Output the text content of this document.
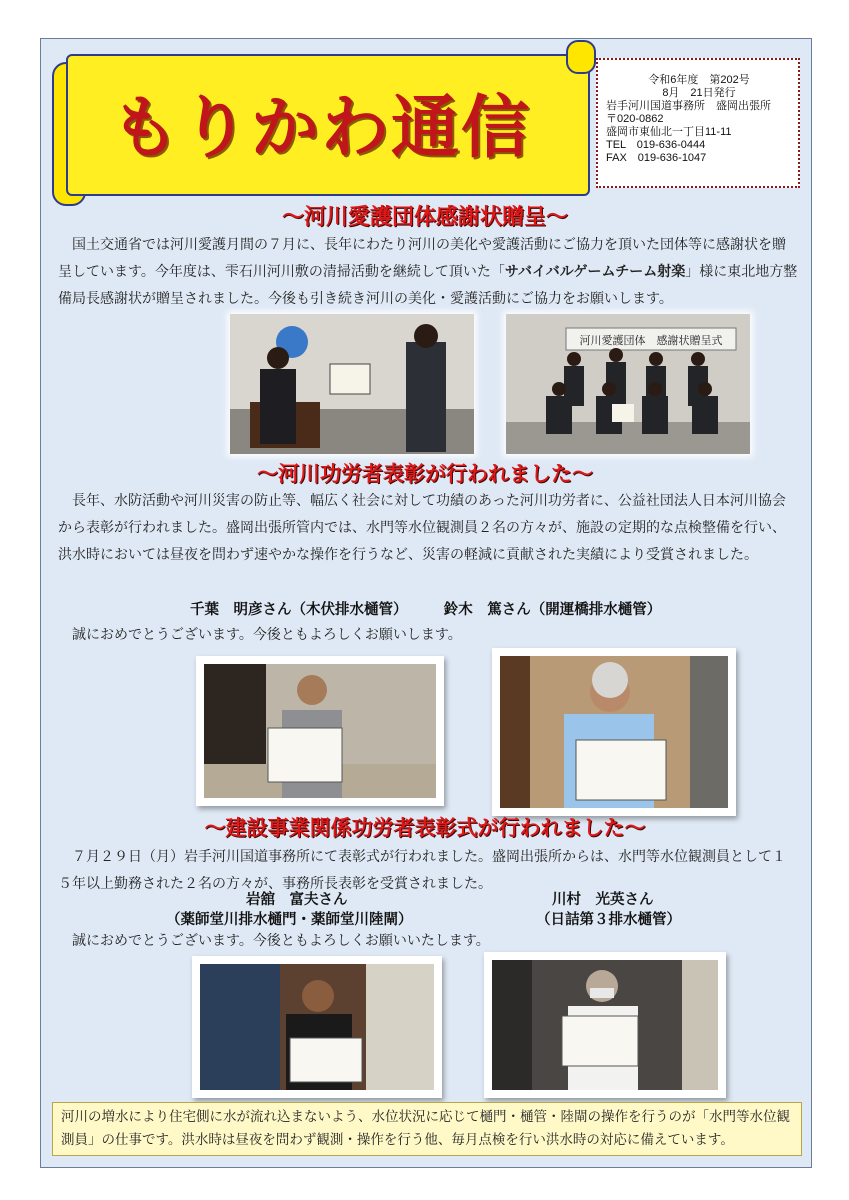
もりかわ通信
令和6年度　第202号
8月　21日発行
岩手河川国道事務所　盛岡出張所
〒020-0862
盛岡市東仙北一丁目11-11
TEL　019-636-0444
FAX　019-636-1047
～河川愛護団体感謝状贈呈～
　国土交通省では河川愛護月間の７月に、長年にわたり河川の美化や愛護活動にご協力を頂いた団体等に感謝状を贈呈しています。今年度は、雫石川河川敷の清掃活動を継続して頂いた「サバイバルゲームチーム射楽」様に東北地方整備局長感謝状が贈呈されました。今後も引き続き河川の美化・愛護活動にご協力をお願いします。
河川愛護団体　感謝状贈呈式
～河川功労者表彰が行われました～
　長年、水防活動や河川災害の防止等、幅広く社会に対して功績のあった河川功労者に、公益社団法人日本河川協会から表彰が行われました。盛岡出張所管内では、水門等水位観測員２名の方々が、施設の定期的な点検整備を行い、洪水時においては昼夜を問わず速やかな操作を行うなど、災害の軽減に貢献された実績により受賞されました。
千葉　明彦さん（木伏排水樋管）　　　鈴木　篤さん（開運橋排水樋管）
　誠におめでとうございます。今後ともよろしくお願いします。
～建設事業関係功労者表彰式が行われました～
　７月２９日（月）岩手河川国道事務所にて表彰式が行われました。盛岡出張所からは、水門等水位観測員として１５年以上勤務された２名の方々が、事務所長表彰を受賞されました。
岩舘　富夫さん
（薬師堂川排水樋門・薬師堂川陸閘）
川村　光英さん
（日詰第３排水樋管）
　誠におめでとうございます。今後ともよろしくお願いいたします。
河川の増水により住宅側に水が流れ込まないよう、水位状況に応じて樋門・樋管・陸閘の操作を行うのが「水門等水位観測員」の仕事です。洪水時は昼夜を問わず観測・操作を行う他、毎月点検を行い洪水時の対応に備えています。
